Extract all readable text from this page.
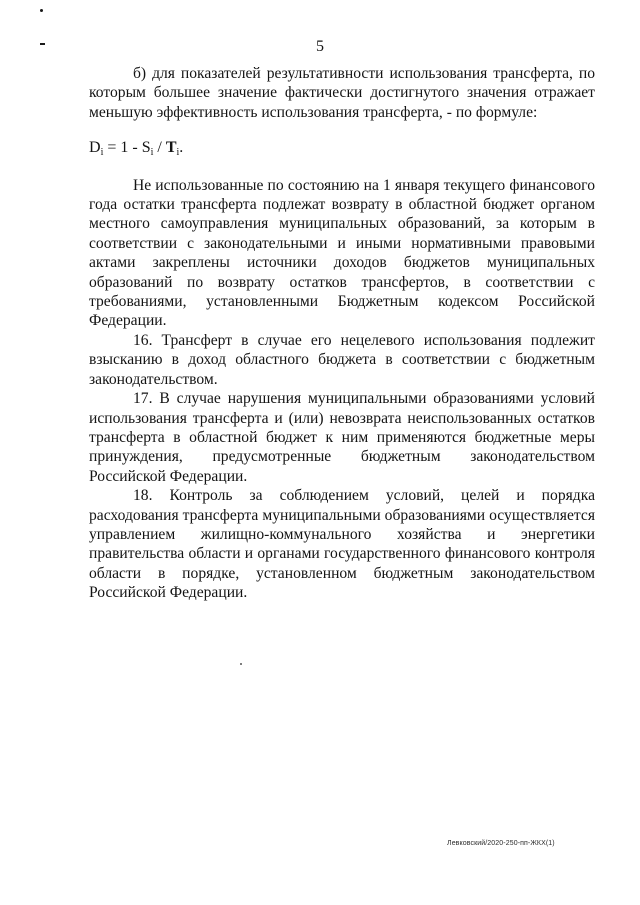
5

б) для показателей результативности использования трансферта, по которым большее значение фактически достигнутого значения отражает меньшую эффективность использования трансферта, - по формуле:

$D_i = 1 - S_i / T_i$.

Не использованные по состоянию на 1 января текущего финансового года остатки трансферта подлежат возврату в областной бюджет органом местного самоуправления муниципальных образований, за которым в соответствии с законодательными и иными нормативными правовыми актами закреплены источники доходов бюджетов муниципальных образований по возврату остатков трансфертов, в соответствии с требованиями, установленными Бюджетным кодексом Российской Федерации.

16. Трансферт в случае его нецелевого использования подлежит взысканию в доход областного бюджета в соответствии с бюджетным законодательством.

17. В случае нарушения муниципальными образованиями условий использования трансферта и (или) невозврата неиспользованных остатков трансферта в областной бюджет к ним применяются бюджетные меры принуждения, предусмотренные бюджетным законодательством Российской Федерации.

18. Контроль за соблюдением условий, целей и порядка расходования трансферта муниципальными образованиями осуществляется управлением жилищно-коммунального хозяйства и энергетики правительства области и органами государственного финансового контроля области в порядке, установленном бюджетным законодательством Российской Федерации.

Левковский/2020-250-пп-ЖКХ(1)
